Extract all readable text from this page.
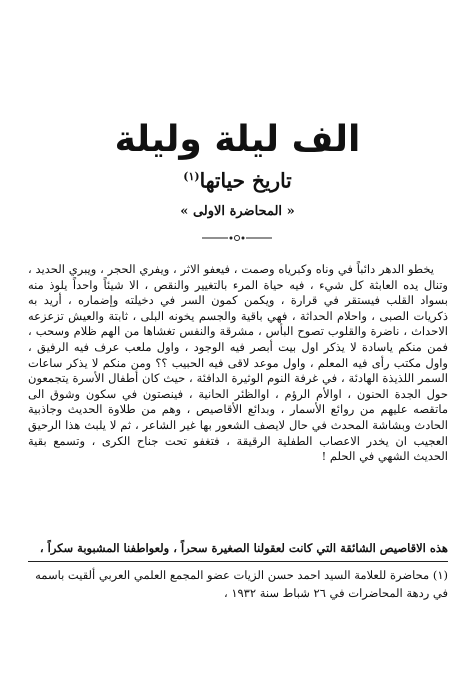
الف ليلة وليلة
تاريخ حياتها$^{(١)}$
« المحاضرة الاولى »

يخطو الدهر دائباً في وناه وكبرياه وصمت ، فيعفو الاثر ، ويفري الحجر ، ويبري الحديد ، وتنال يده العابثة كل شيء ، فيه حياة المرء بالتغيير والنقص ، الا شيئاً واحداً يلوذ منه بسواد القلب فيستقر في قرارة ، ويكمن كمون السر في دخيلته وإضماره ، أريد به ذكريات الصبى ، واحلام الحداثة ، فهي باقية والجسم يخونه البلى ، ثابتة والعيش تزعزعه الاحداث ، ناضرة والقلوب تصوح البأس ، مشرقة والنفس تغشاها من الهم ظلام وسحب ، فمن منكم ياسادة لا يذكر اول بيت أبصر فيه الوجود ، واول ملعب عرف فيه الرفيق ، واول مكتب رأى فيه المعلم ، واول موعد لاقى فيه الحبيب ؟؟ ومن منكم لا يذكر ساعات السمر اللذيذة الهادئة ، في غرفة النوم الوثيرة الدافئة ، حيث كان أطفال الأسرة يتجمعون حول الجدة الحنون ، اوالأم الرؤم ، اوالظئر الحانية ، فينصتون في سكون وشوق الى ماتقصه عليهم من روائع الأسمار ، وبدائع الأقاصيص ، وهم من طلاوة الحديث وجاذبية الحادث وبشاشة المحدث في حال لايصف الشعور بها غير الشاعر ، ثم لا يلبث هذا الرحيق العجيب ان يخدر الاعصاب الطفلية الرقيقة ، فتغفو تحت جناح الكرى ، وتسمع بقية الحديث الشهي في الحلم !

هذه الاقاصيص الشائقة التي كانت لعقولنا الصغيرة سحراً ، ولعواطفنا المشبوبة سكراً ،
(١) محاضرة للعلامة السيد احمد حسن الزيات عضو المجمع العلمي العربي ألقيت باسمه في ردهة المحاضرات في ٢٦ شباط سنة ١٩٣٢ ،
